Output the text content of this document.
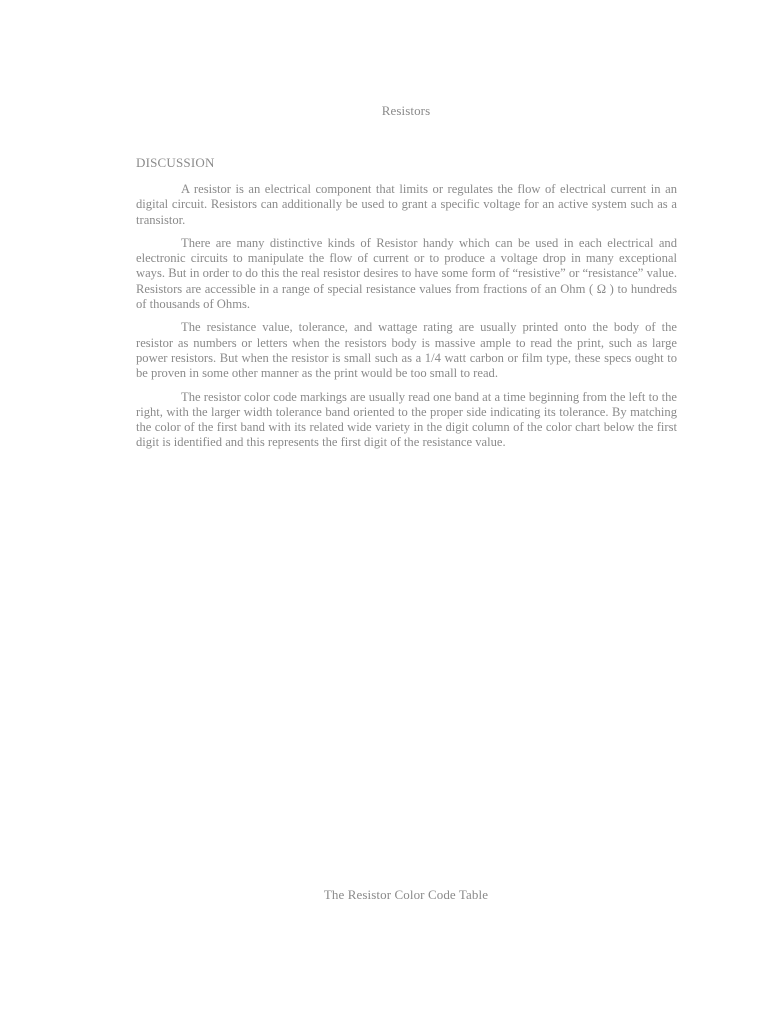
Resistors
DISCUSSION

A resistor is an electrical component that limits or regulates the flow of electrical current in an digital circuit. Resistors can additionally be used to grant a specific voltage for an active system such as a transistor.

There are many distinctive kinds of Resistor handy which can be used in each electrical and electronic circuits to manipulate the flow of current or to produce a voltage drop in many exceptional ways. But in order to do this the real resistor desires to have some form of “resistive” or “resistance” value. Resistors are accessible in a range of special resistance values from fractions of an Ohm ( Ω ) to hundreds of thousands of Ohms.

The resistance value, tolerance, and wattage rating are usually printed onto the body of the resistor as numbers or letters when the resistors body is massive ample to read the print, such as large power resistors. But when the resistor is small such as a 1/4 watt carbon or film type, these specs ought to be proven in some other manner as the print would be too small to read.

The resistor color code markings are usually read one band at a time beginning from the left to the right, with the larger width tolerance band oriented to the proper side indicating its tolerance. By matching the color of the first band with its related wide variety in the digit column of the color chart below the first digit is identified and this represents the first digit of the resistance value.

The Resistor Color Code Table
